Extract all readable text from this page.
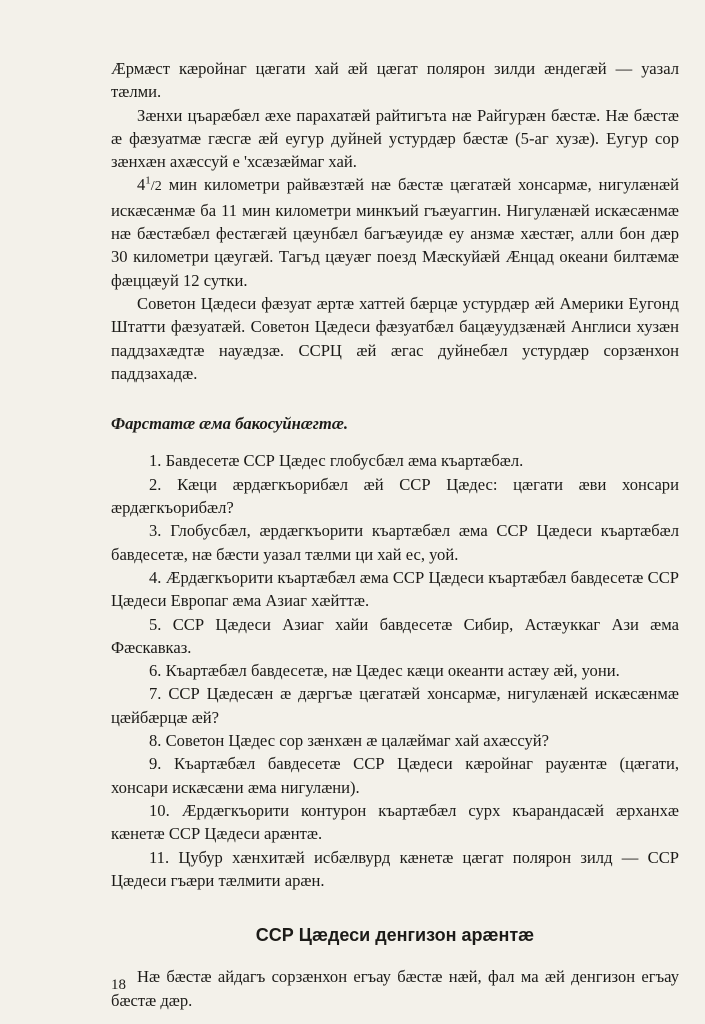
Ӕрмæст кæройнаг цæгати хай æй цæгат полярон зилди æндегæй — уазал тæлми.

Зæнхи цъарæбæл æхе парахатæй райтигъта нæ Райгурæн бæстæ. Нæ бæстæ æ фæзуатмæ гæсгæ æй еугур дуйней устурдæр бæстæ (5-аг хузæ). Еугур сор зæнхæн ахæссуй е 'хсæзæймаг хай.

$4^1/2$ мин километри райвæзтæй нæ бæстæ цæгатæй хонсармæ, нигулæнæй искæсæнмæ ба 11 мин километри минкъий гъæуаггин. Нигулæнæй искæсæнмæ нæ бæстæбæл фестæгæй цæунбæл багъæуидæ еу анзмæ хæстæг, алли бон дæр 30 километри цæугæй. Тагъд цæуæг поезд Мæскуйæй Ӕнцад океани билтæмæ фæццæуй 12 сутки.

Советон Цæдеси фæзуат æртæ хаттей бæрцæ устурдæр æй Америки Еугонд Штатти фæзуатæй. Советон Цæдеси фæзуатбæл бацæуудзæнæй Англиси хузæн паддзахæдтæ науæдзæ. ССРЦ æй æгас дуйнебæл устурдæр сорзæнхон паддзахадæ.

Фарстатæ æма бакосуйнæгтæ.

1. Бавдесетæ ССР Цæдес глобусбæл æма къартæбæл.

2. Кæци æрдæгкъорибæл æй ССР Цæдес: цæгати æви хонсари æрдæгкъорибæл?

3. Глобусбæл, æрдæгкъорити къартæбæл æма ССР Цæдеси къартæбæл бавдесетæ, нæ бæсти уазал тæлми ци хай ес, уой.

4. Ӕрдæгкъорити къартæбæл æма ССР Цæдеси къартæбæл бавдесетæ ССР Цæдеси Европаг æма Азиаг хæйттæ.

5. ССР Цæдеси Азиаг хайи бавдесетæ Сибир, Астæуккаг Ази æма Фæскавказ.

6. Къартæбæл бавдесетæ, нæ Цæдес кæци океанти астæу æй, уони.

7. ССР Цæдесæн æ дæргъæ цæгатæй хонсармæ, нигулæнæй искæсæнмæ цæйбæрцæ æй?

8. Советон Цæдес сор зæнхæн æ цалæймаг хай ахæссуй?

9. Къартæбæл бавдесетæ ССР Цæдеси кæройнаг рауæнтæ (цæгати, хонсари искæсæни æма нигулæни).

10. Ӕрдæгкъорити контурон къартæбæл сурх къарандасæй æрханхæ кæнетæ ССР Цæдеси арæнтæ.

11. Цубур хæнхитæй исбæлвурд кæнетæ цæгат полярон зилд — ССР Цæдеси гъæри тæлмити арæн.

ССР Цæдеси денгизон арæнтæ

Нæ бæстæ айдагъ сорзæнхон егъау бæстæ нæй, фал ма æй денгизон егъау бæстæ дæр.

18
